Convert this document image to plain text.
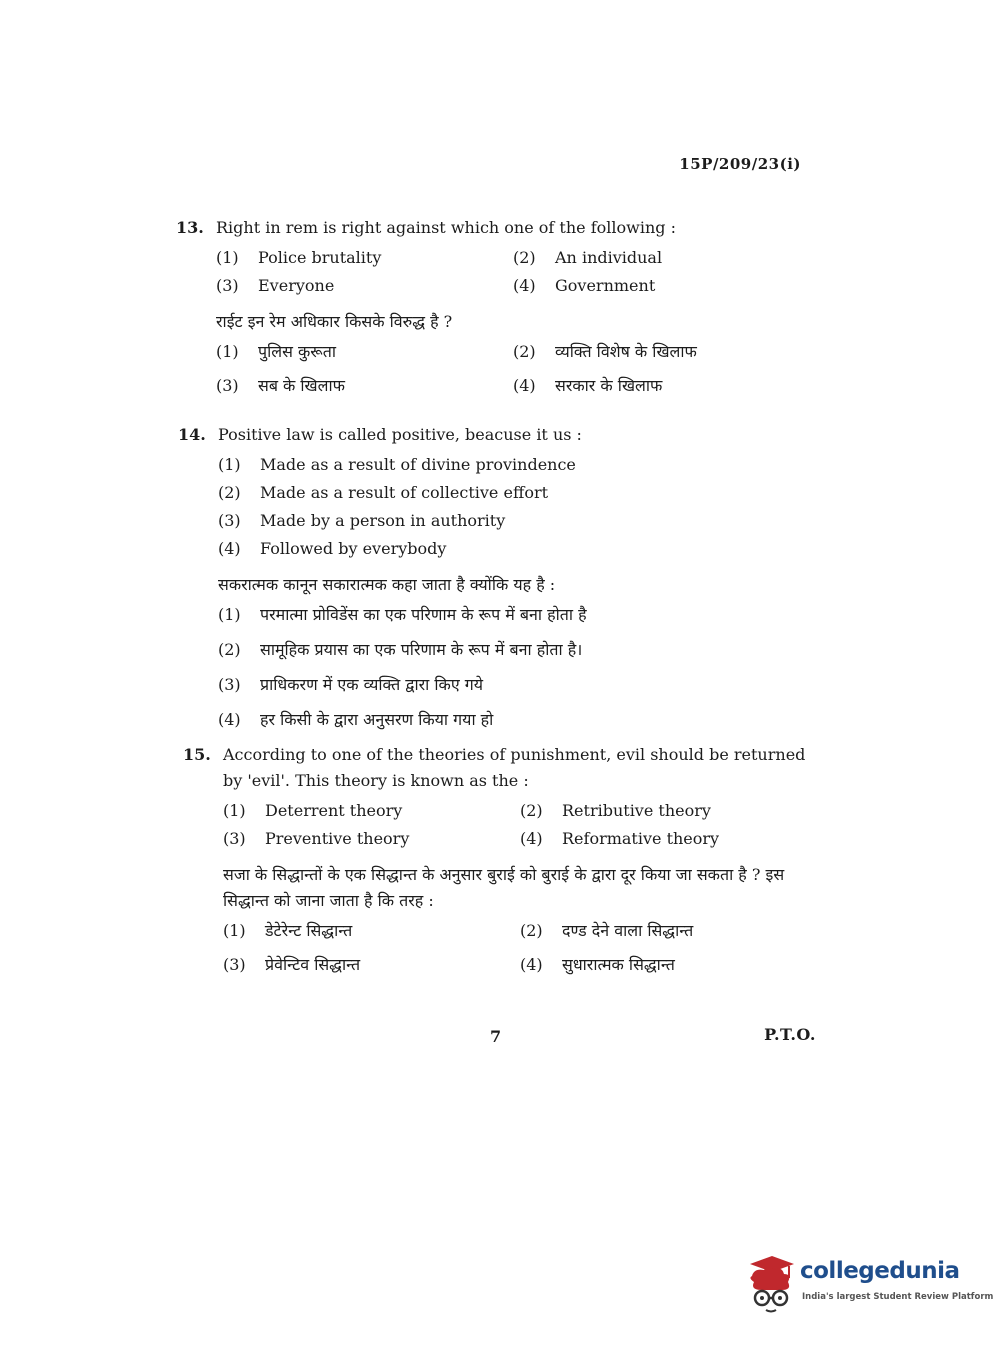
15P/209/23(i)
13. Right in rem is right against which one of the following :

(1)	Police brutality	(2)	An individual
(3)	Everyone	(4)	Government

राईट इन रेम अधिकार किसके विरुद्ध है ?

(1)	पुलिस कुरूता	(2)	व्यक्ति विशेष के खिलाफ
(3)	सब के खिलाफ	(4)	सरकार के खिलाफ
14. Positive law is called positive, beacuse it us :

(1)	Made as a result of divine provindence
(2)	Made as a result of collective effort
(3)	Made by a person in authority
(4)	Followed by everybody

सकरात्मक कानून सकारात्मक कहा जाता है क्योंकि यह है :

(1)	परमात्मा प्रोविडेंस का एक परिणाम के रूप में बना होता है
(2)	सामूहिक प्रयास का एक परिणाम के रूप में बना होता है।
(3)	प्राधिकरण में एक व्यक्ति द्वारा किए गये
(4)	हर किसी के द्वारा अनुसरण किया गया हो
15. According to one of the theories of punishment, evil should be returned by 'evil'. This theory is known as the :

(1)	Deterrent theory	(2)	Retributive theory
(3)	Preventive theory	(4)	Reformative theory

सजा के सिद्धान्तों के एक सिद्धान्त के अनुसार बुराई को बुराई के द्वारा दूर किया जा सकता है ? इस सिद्धान्त को जाना जाता है कि तरह :

(1)	डेटेरेन्ट सिद्धान्त	(2)	दण्ड देने वाला सिद्धान्त
(3)	प्रेवेन्टिव सिद्धान्त	(4)	सुधारात्मक सिद्धान्त
7	P.T.O.
collegedunia
India's largest Student Review Platform
